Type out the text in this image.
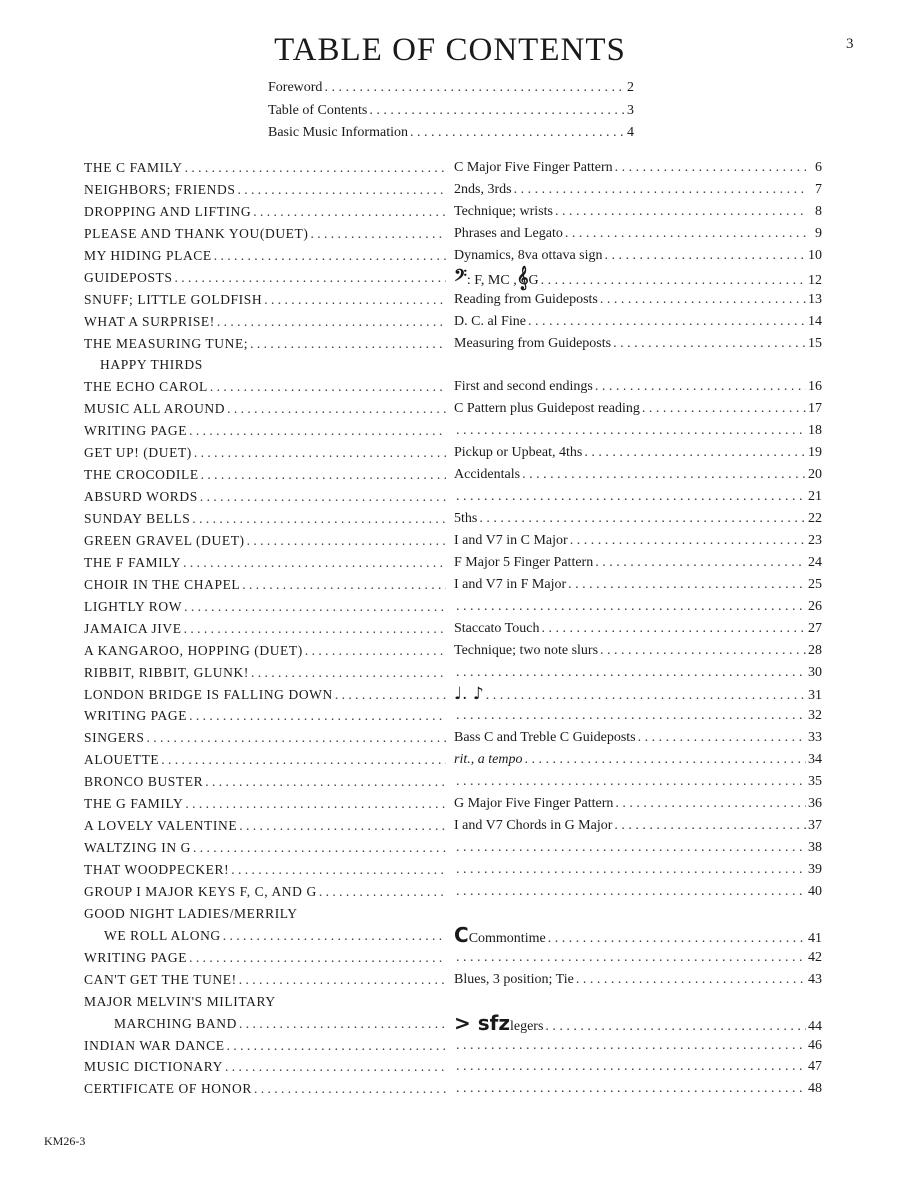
3
TABLE OF CONTENTS
Foreword . . .	2
Table of Contents . . .	3
Basic Music Information . . .	4
THE C FAMILY . . .	C Major Five Finger Pattern . . .	6
NEIGHBORS; FRIENDS . . .	2nds, 3rds . . .	7
DROPPING AND LIFTING . . .	Technique; wrists . . .	8
PLEASE AND THANK YOU(DUET) . . .	Phrases and Legato . . .	9
MY HIDING PLACE . . .	Dynamics, 8va ottava sign . . .	10
GUIDEPOSTS . . .	𝄢 : F, MC , 𝄞 G . . .	12
SNUFF; LITTLE GOLDFISH . . .	Reading from Guideposts . . .	13
WHAT A SURPRISE! . . .	D. C. al Fine . . .	14
THE MEASURING TUNE; . . .	Measuring from Guideposts . . .	15
HAPPY THIRDS
THE ECHO CAROL . . .	First and second endings . . .	16
MUSIC ALL AROUND . . .	C Pattern plus Guidepost reading . . .	17
WRITING PAGE . . . . . .	18
GET UP! (DUET) . . .	Pickup or Upbeat, 4ths . . .	19
THE CROCODILE . . .	Accidentals . . .	20
ABSURD WORDS . . . . . .	21
SUNDAY BELLS . . .	5ths . . .	22
GREEN GRAVEL (DUET) . . .	I and V7 in C Major . . .	23
THE F FAMILY . . .	F Major 5 Finger Pattern . . .	24
CHOIR IN THE CHAPEL . . .	I and V7 in F Major . . .	25
LIGHTLY ROW . . . . . .	26
JAMAICA JIVE . . .	Staccato Touch . . .	27
A KANGAROO, HOPPING (DUET) . . .	Technique; two note slurs . . .	28
RIBBIT, RIBBIT, GLUNK! . . . . . .	30
LONDON BRIDGE IS FALLING DOWN . . .	♩. ♪ . . .	31
WRITING PAGE . . . . . .	32
SINGERS . . .	Bass C and Treble C Guideposts . . .	33
ALOUETTE . . .	rit., a tempo . . .	34
BRONCO BUSTER . . . . . .	35
THE G FAMILY . . .	G Major Five Finger Pattern . . .	36
A LOVELY VALENTINE . . .	I and V7 Chords in G Major . . .	37
WALTZING IN G . . . . . .	38
THAT WOODPECKER! . . . . . .	39
GROUP I MAJOR KEYS F, C, AND G . . . . . .	40
GOOD NIGHT LADIES/MERRILY
WE ROLL ALONG . . .	C Commontime . . .	41
WRITING PAGE . . . . . .	42
CAN'T GET THE TUNE! . . .	Blues, 3 position; Tie . . .	43
MAJOR MELVIN'S MILITARY
MARCHING BAND . . .	> sfz legers . . .	44
INDIAN WAR DANCE . . . . . .	46
MUSIC DICTIONARY . . . . . .	47
CERTIFICATE OF HONOR . . . . . .	48
KM26-3
